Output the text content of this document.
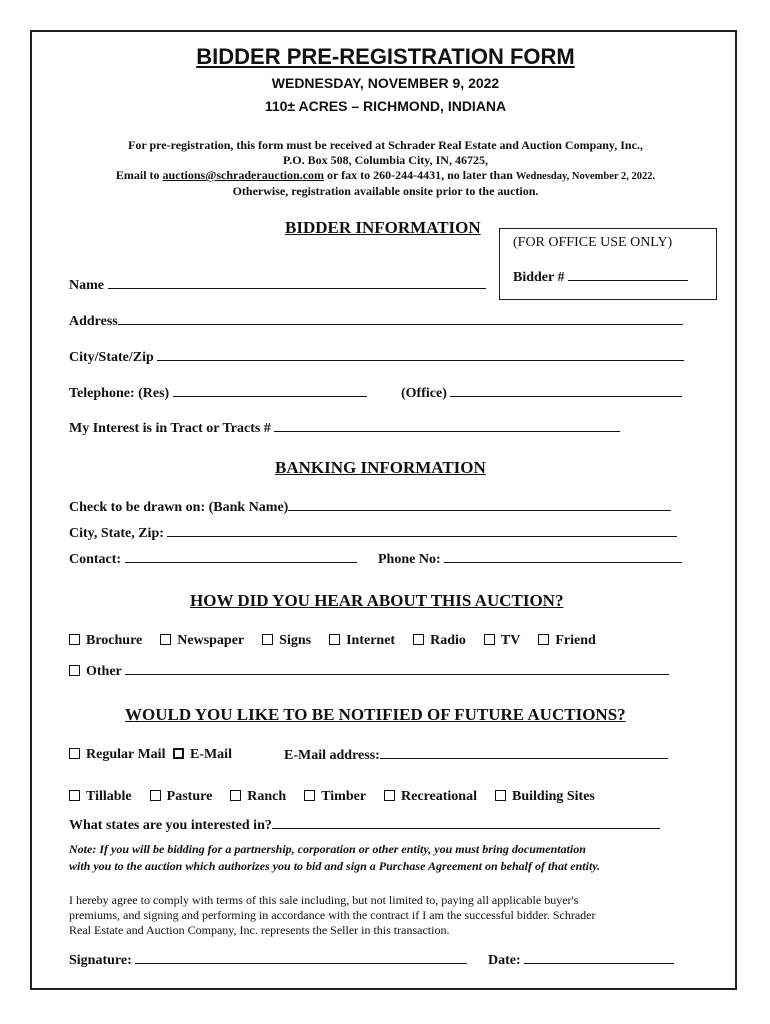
BIDDER PRE-REGISTRATION FORM
WEDNESDAY, NOVEMBER 9, 2022
110± ACRES – RICHMOND, INDIANA
For pre-registration, this form must be received at Schrader Real Estate and Auction Company, Inc.,
P.O. Box 508, Columbia City, IN, 46725,
Email to auctions@schraderauction.com or fax to 260-244-4431, no later than Wednesday, November 2, 2022.
Otherwise, registration available onsite prior to the auction.
BIDDER INFORMATION
(FOR OFFICE USE ONLY)
Bidder #
Name
Address
City/State/Zip
Telephone: (Res)	(Office)
My Interest is in Tract or Tracts #
BANKING INFORMATION
Check to be drawn on: (Bank Name)
City, State, Zip:
Contact:	Phone No:
HOW DID YOU HEAR ABOUT THIS AUCTION?
Brochure	Newspaper	Signs	Internet	Radio	TV	Friend
Other
WOULD YOU LIKE TO BE NOTIFIED OF FUTURE AUCTIONS?
Regular Mail E-Mail	E-Mail address:
Tillable	Pasture	Ranch	Timber	Recreational	Building Sites
What states are you interested in?
Note: If you will be bidding for a partnership, corporation or other entity, you must bring documentation
with you to the auction which authorizes you to bid and sign a Purchase Agreement on behalf of that entity.
I hereby agree to comply with terms of this sale including, but not limited to, paying all applicable buyer's
premiums, and signing and performing in accordance with the contract if I am the successful bidder. Schrader
Real Estate and Auction Company, Inc. represents the Seller in this transaction.
Signature:	Date:
